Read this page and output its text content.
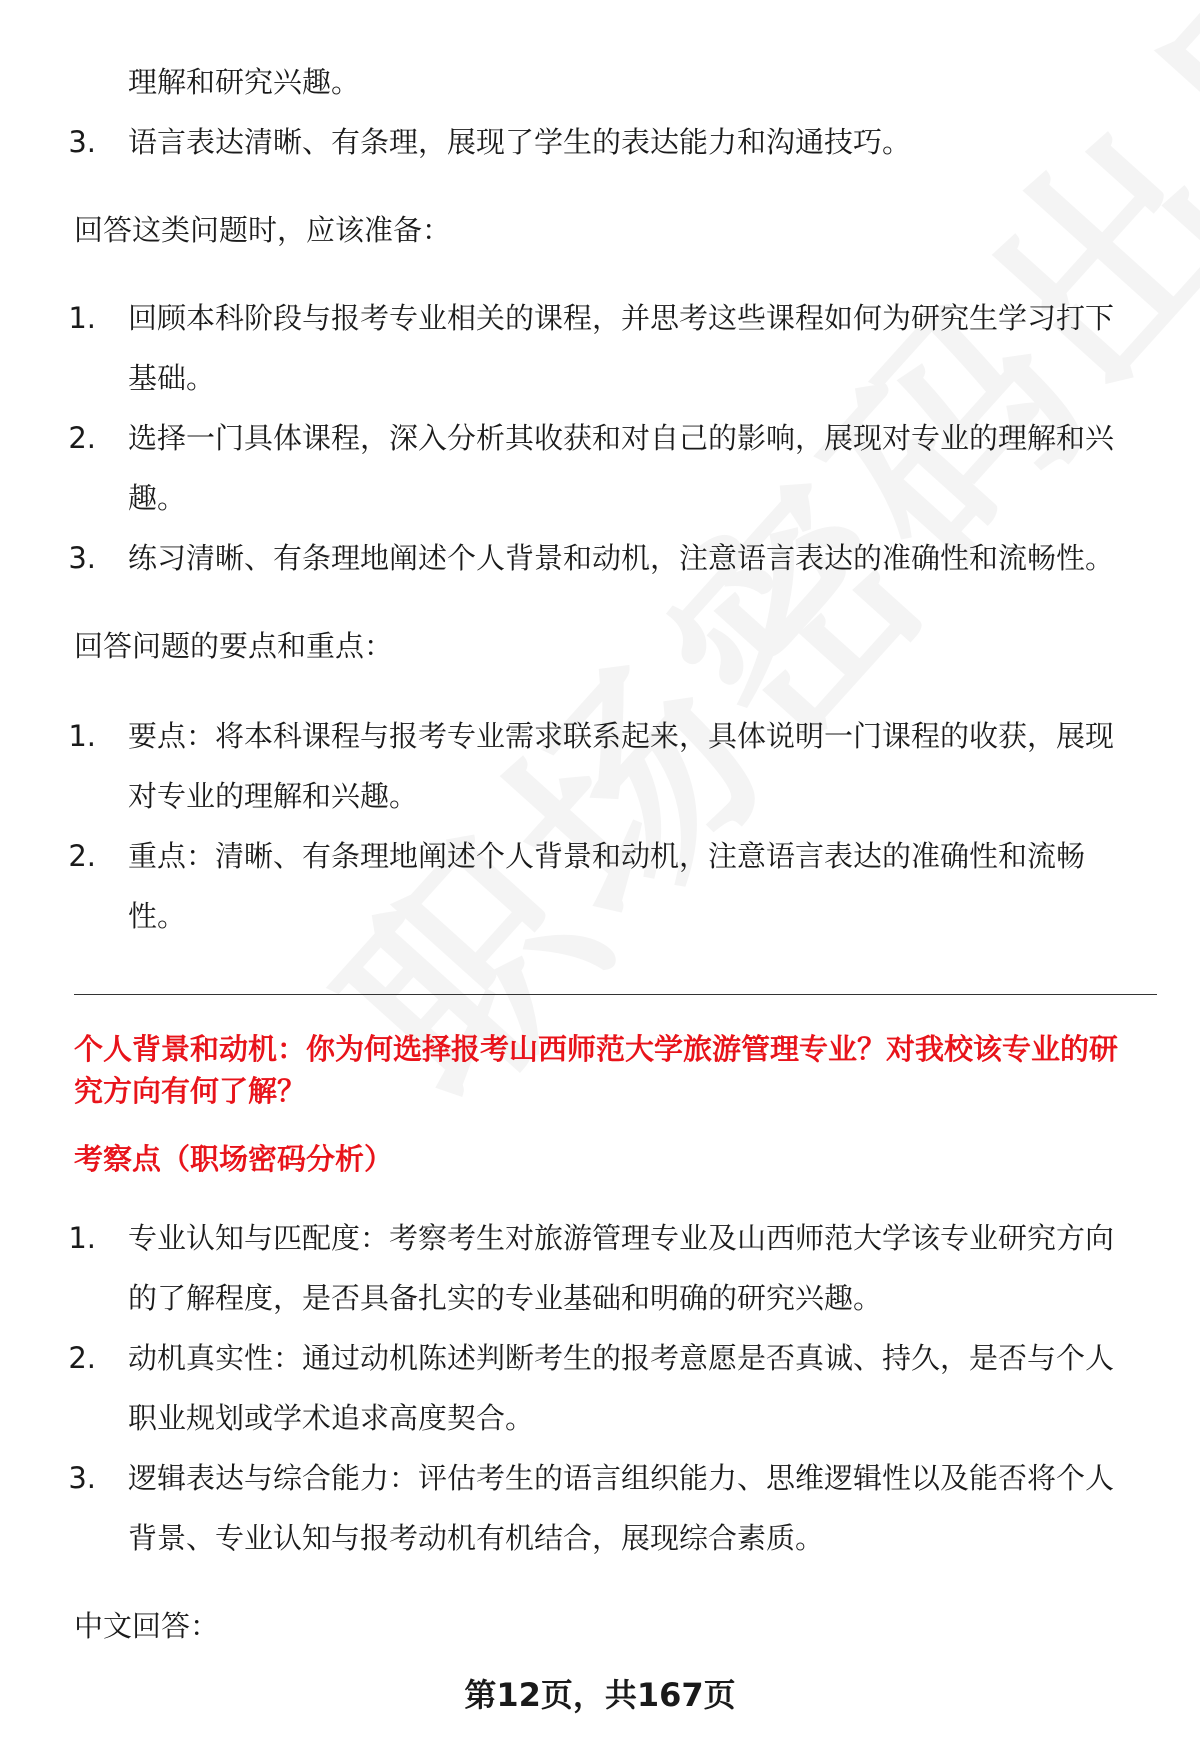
理解和研究兴趣。
3. 语言表达清晰、有条理，展现了学生的表达能力和沟通技巧。
回答这类问题时，应该准备：
1. 回顾本科阶段与报考专业相关的课程，并思考这些课程如何为研究生学习打下
基础。
2. 选择一门具体课程，深入分析其收获和对自己的影响，展现对专业的理解和兴
趣。
3. 练习清晰、有条理地阐述个人背景和动机，注意语言表达的准确性和流畅性。
回答问题的要点和重点：
1. 要点：将本科课程与报考专业需求联系起来，具体说明一门课程的收获，展现
对专业的理解和兴趣。
2. 重点：清晰、有条理地阐述个人背景和动机，注意语言表达的准确性和流畅
性。
个人背景和动机：你为何选择报考山西师范大学旅游管理专业？对我校该专业的研
究方向有何了解？
考察点（职场密码分析）
1. 专业认知与匹配度：考察考生对旅游管理专业及山西师范大学该专业研究方向
的了解程度，是否具备扎实的专业基础和明确的研究兴趣。
2. 动机真实性：通过动机陈述判断考生的报考意愿是否真诚、持久，是否与个人
职业规划或学术追求高度契合。
3. 逻辑表达与综合能力：评估考生的语言组织能力、思维逻辑性以及能否将个人
背景、专业认知与报考动机有机结合，展现综合素质。
中文回答：
第12页，共167页
